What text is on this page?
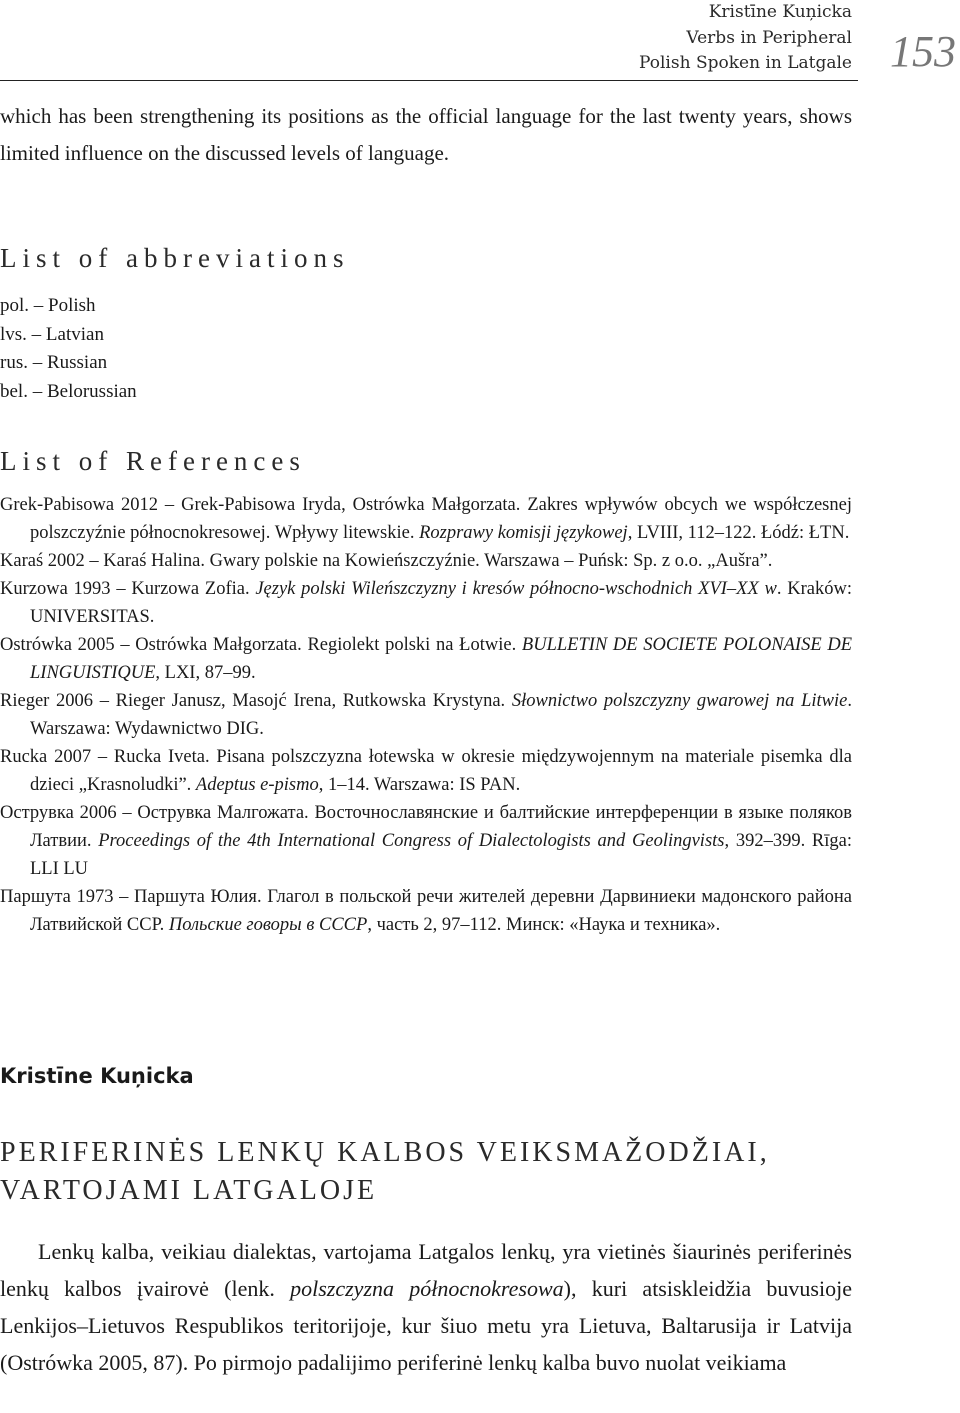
Kristīne Kuņicka
Verbs in Peripheral
Polish Spoken in Latgale 153
which has been strengthening its positions as the official language for the last twenty years, shows limited influence on the discussed levels of language.
List of abbreviations
pol. – Polish
lvs. – Latvian
rus. – Russian
bel. – Belorussian
List of References
Grek-Pabisowa 2012 – Grek-Pabisowa Iryda, Ostrówka Małgorzata. Zakres wpływów obcych we współczesnej polszczyźnie północnokresowej. Wpływy litewskie. Rozprawy komisji językowej, LVIII, 112–122. Łódź: ŁTN.
Karaś 2002 – Karaś Halina. Gwary polskie na Kowieńszczyźnie. Warszawa – Puńsk: Sp. z o.o. „Aušra”.
Kurzowa 1993 – Kurzowa Zofia. Język polski Wileńszczyzny i kresów północno-wschodnich XVI–XX w. Kraków: UNIVERSITAS.
Ostrówka 2005 – Ostrówka Małgorzata. Regiolekt polski na Łotwie. BULLETIN DE SOCIETE POLONAISE DE LINGUISTIQUE, LXI, 87–99.
Rieger 2006 – Rieger Janusz, Masojć Irena, Rutkowska Krystyna. Słownictwo polszczyzny gwarowej na Litwie. Warszawa: Wydawnictwo DIG.
Rucka 2007 – Rucka Iveta. Pisana polszczyzna łotewska w okresie międzywojennym na materiale pisemka dla dzieci „Krasnoludki”. Adeptus e-pismo, 1–14. Warszawa: IS PAN.
Острувка 2006 – Острувка Малгожата. Восточнославянские и балтийские интерференции в языке поляков Латвии. Proceedings of the 4th International Congress of Dialectologists and Geolingvists, 392–399. Rīga: LLI LU
Паршута 1973 – Паршута Юлия. Глагол в польской речи жителей деревни Дарвиниеки мадонского района Латвийской ССР. Польские говоры в СССР, часть 2, 97–112. Минск: «Наука и техника».
Kristīne Kuņicka
PERIFERINĖS LENKŲ KALBOS VEIKSMAŽODŽIAI, VARTOJAMI LATGALOJE
Lenkų kalba, veikiau dialektas, vartojama Latgalos lenkų, yra vietinės šiaurinės periferinės lenkų kalbos įvairovė (lenk. polszczyzna północnokresowa), kuri atsiskleidžia buvusioje Lenkijos–Lietuvos Respublikos teritorijoje, kur šiuo metu yra Lietuva, Baltarusija ir Latvija (Ostrówka 2005, 87). Po pirmojo padalijimo periferinė lenkų kalba buvo nuolat veikiama
